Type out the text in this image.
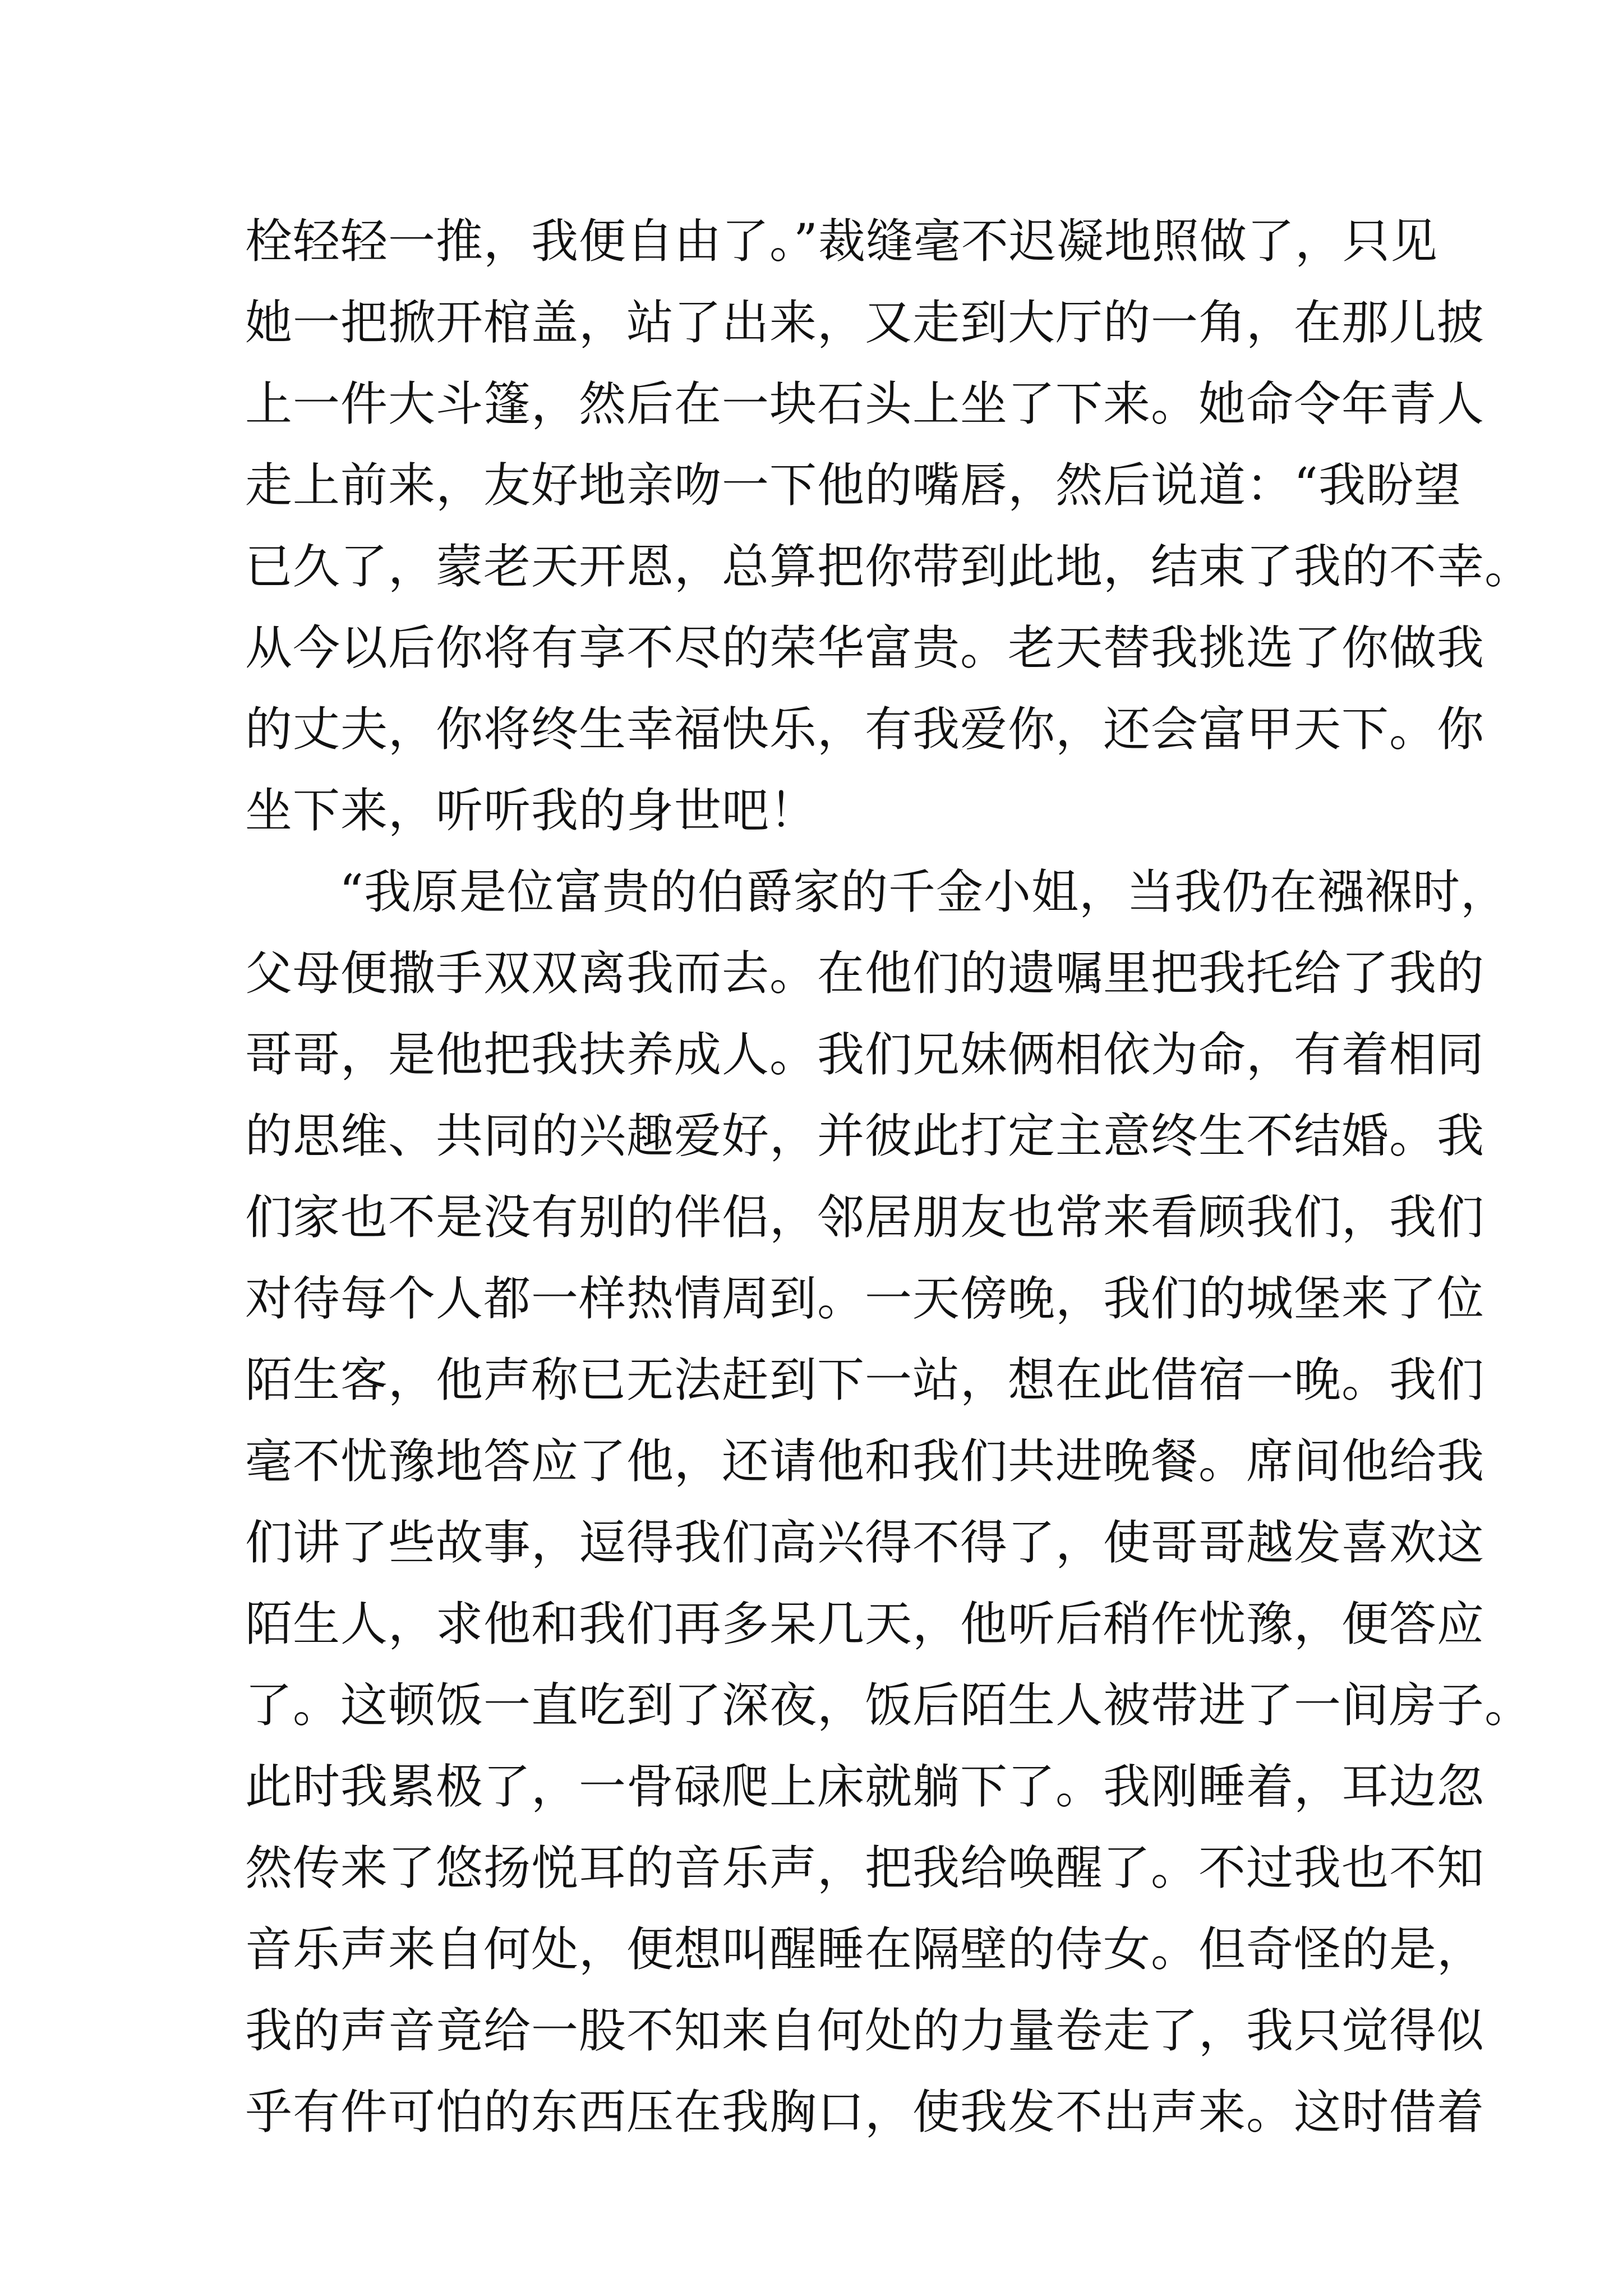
栓轻轻一推，我便自由了。”裁缝毫不迟凝地照做了，只见
她一把掀开棺盖，站了出来，又走到大厅的一角，在那儿披
上一件大斗篷，然后在一块石头上坐了下来。她命令年青人
走上前来，友好地亲吻一下他的嘴唇，然后说道：“我盼望
已久了，蒙老天开恩，总算把你带到此地，结束了我的不幸。
从今以后你将有享不尽的荣华富贵。老天替我挑选了你做我
的丈夫，你将终生幸福快乐，有我爱你，还会富甲天下。你
坐下来，听听我的身世吧！
“我原是位富贵的伯爵家的千金小姐，当我仍在襁褓时，
父母便撒手双双离我而去。在他们的遗嘱里把我托给了我的
哥哥，是他把我扶养成人。我们兄妹俩相依为命，有着相同
的思维、共同的兴趣爱好，并彼此打定主意终生不结婚。我
们家也不是没有别的伴侣，邻居朋友也常来看顾我们，我们
对待每个人都一样热情周到。一天傍晚，我们的城堡来了位
陌生客，他声称已无法赶到下一站，想在此借宿一晚。我们
毫不忧豫地答应了他，还请他和我们共进晚餐。席间他给我
们讲了些故事，逗得我们高兴得不得了，使哥哥越发喜欢这
陌生人，求他和我们再多呆几天，他听后稍作忧豫，便答应
了。这顿饭一直吃到了深夜，饭后陌生人被带进了一间房子。
此时我累极了，一骨碌爬上床就躺下了。我刚睡着，耳边忽
然传来了悠扬悦耳的音乐声，把我给唤醒了。不过我也不知
音乐声来自何处，便想叫醒睡在隔壁的侍女。但奇怪的是，
我的声音竟给一股不知来自何处的力量卷走了，我只觉得似
乎有件可怕的东西压在我胸口，使我发不出声来。这时借着
